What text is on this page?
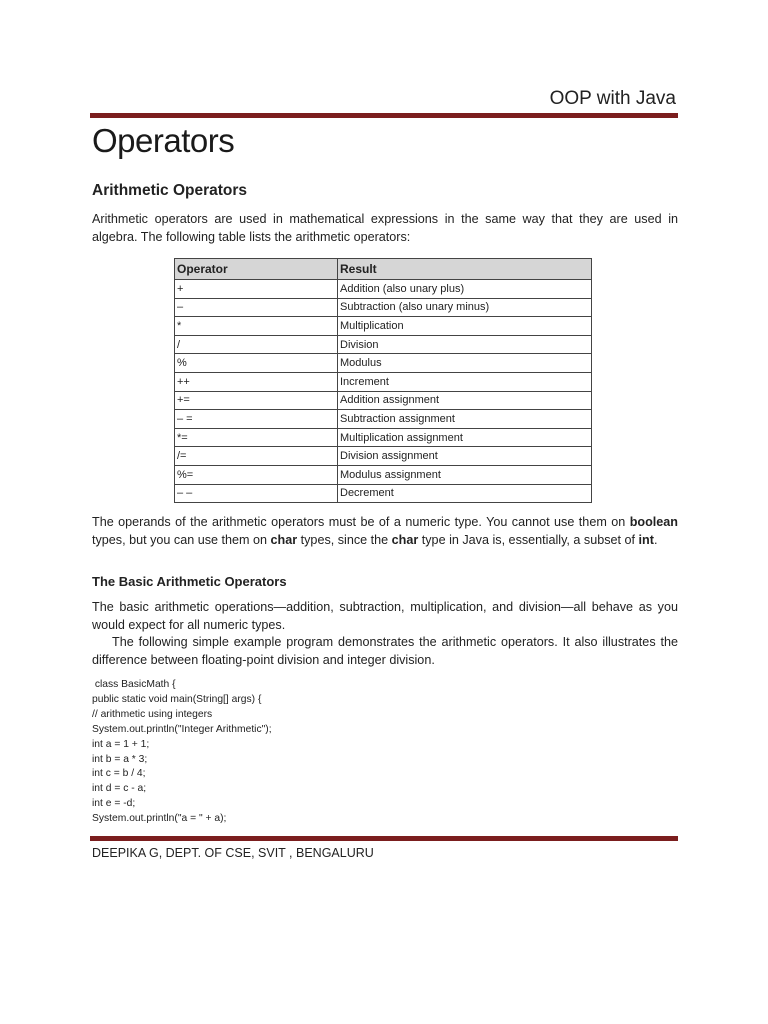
OOP with Java
Operators
Arithmetic Operators

Arithmetic operators are used in mathematical expressions in the same way that they are used in algebra. The following table lists the arithmetic operators:

Operator	Result
+	Addition (also unary plus)
–	Subtraction (also unary minus)
*	Multiplication
/	Division
%	Modulus
++	Increment
+=	Addition assignment
– =	Subtraction assignment
*=	Multiplication assignment
/=	Division assignment
%=	Modulus assignment
– –	Decrement

The operands of the arithmetic operators must be of a numeric type. You cannot use them on boolean types, but you can use them on char types, since the char type in Java is, essentially, a subset of int.

The Basic Arithmetic Operators

The basic arithmetic operations—addition, subtraction, multiplication, and division—all behave as you would expect for all numeric types.

The following simple example program demonstrates the arithmetic operators. It also illustrates the difference between floating-point division and integer division.

class BasicMath {
public static void main(String[] args) {
// arithmetic using integers
System.out.println("Integer Arithmetic");
int a = 1 + 1;
int b = a * 3;
int c = b / 4;
int d = c - a;
int e = -d;
System.out.println("a = " + a);
DEEPIKA G, DEPT. OF CSE, SVIT , BENGALURU
